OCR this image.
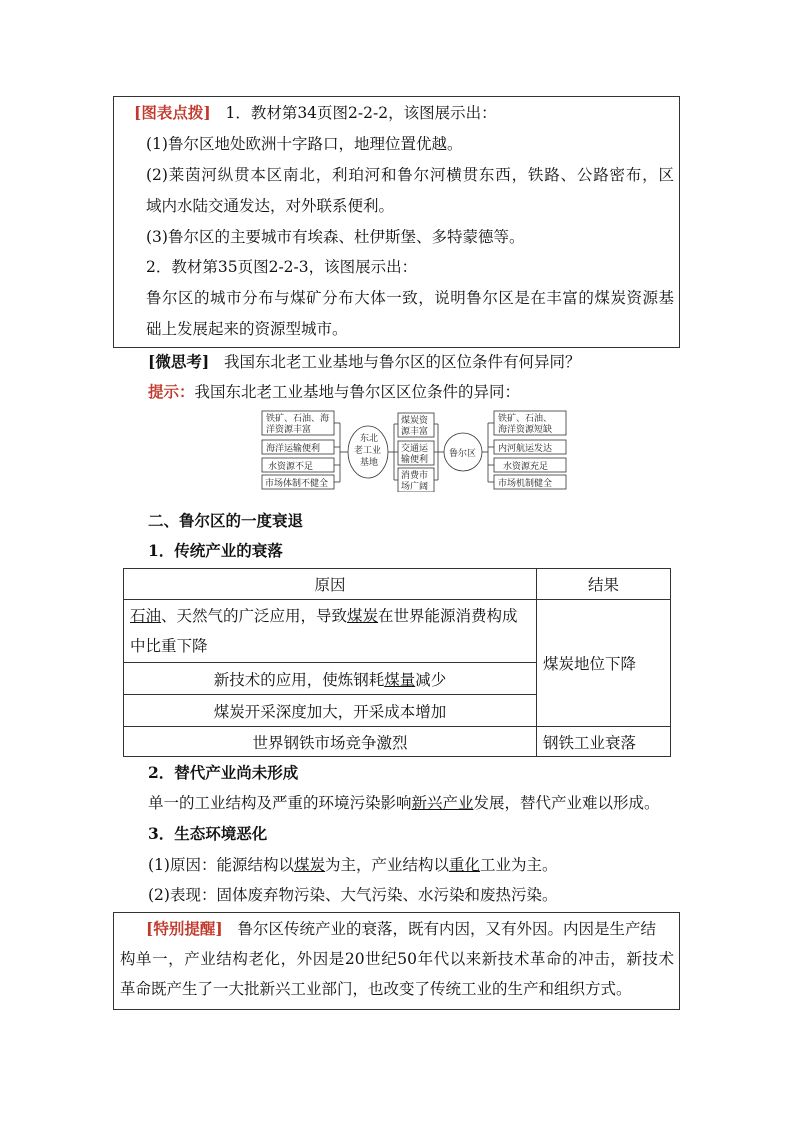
[图表点拨] 1．教材第34页图2-2-2，该图展示出：
(1)鲁尔区地处欧洲十字路口，地理位置优越。
(2)莱茵河纵贯本区南北，利珀河和鲁尔河横贯东西，铁路、公路密布，区
域内水陆交通发达，对外联系便利。
(3)鲁尔区的主要城市有埃森、杜伊斯堡、多特蒙德等。
2．教材第35页图2-2-3，该图展示出：
鲁尔区的城市分布与煤矿分布大体一致，说明鲁尔区是在丰富的煤炭资源基
础上发展起来的资源型城市。
[微思考] 我国东北老工业基地与鲁尔区的区位条件有何异同？
提示：我国东北老工业基地与鲁尔区区位条件的异同：
铁矿、石油、海
洋资源丰富
海洋运输便利
水资源不足
市场体制不健全
东北
老工业
基地
煤炭资
源丰富
交通运
输便利
消费市
场广阔
鲁尔区
铁矿、石油、
海洋资源短缺
内河航运发达
水资源充足
市场机制健全
二、鲁尔区的一度衰退
1．传统产业的衰落
原因	结果
石油、天然气的广泛应用，导致煤炭在世界能源消费构成
中比重下降	煤炭地位下降
新技术的应用，使炼钢耗煤量减少	
煤炭开采深度加大，开采成本增加	
世界钢铁市场竞争激烈	钢铁工业衰落
2．替代产业尚未形成
单一的工业结构及严重的环境污染影响新兴产业发展，替代产业难以形成。
3．生态环境恶化
(1)原因：能源结构以煤炭为主，产业结构以重化工业为主。
(2)表现：固体废弃物污染、大气污染、水污染和废热污染。
[特别提醒] 鲁尔区传统产业的衰落，既有内因，又有外因。内因是生产结
构单一，产业结构老化，外因是20世纪50年代以来新技术革命的冲击，新技术
革命既产生了一大批新兴工业部门，也改变了传统工业的生产和组织方式。
